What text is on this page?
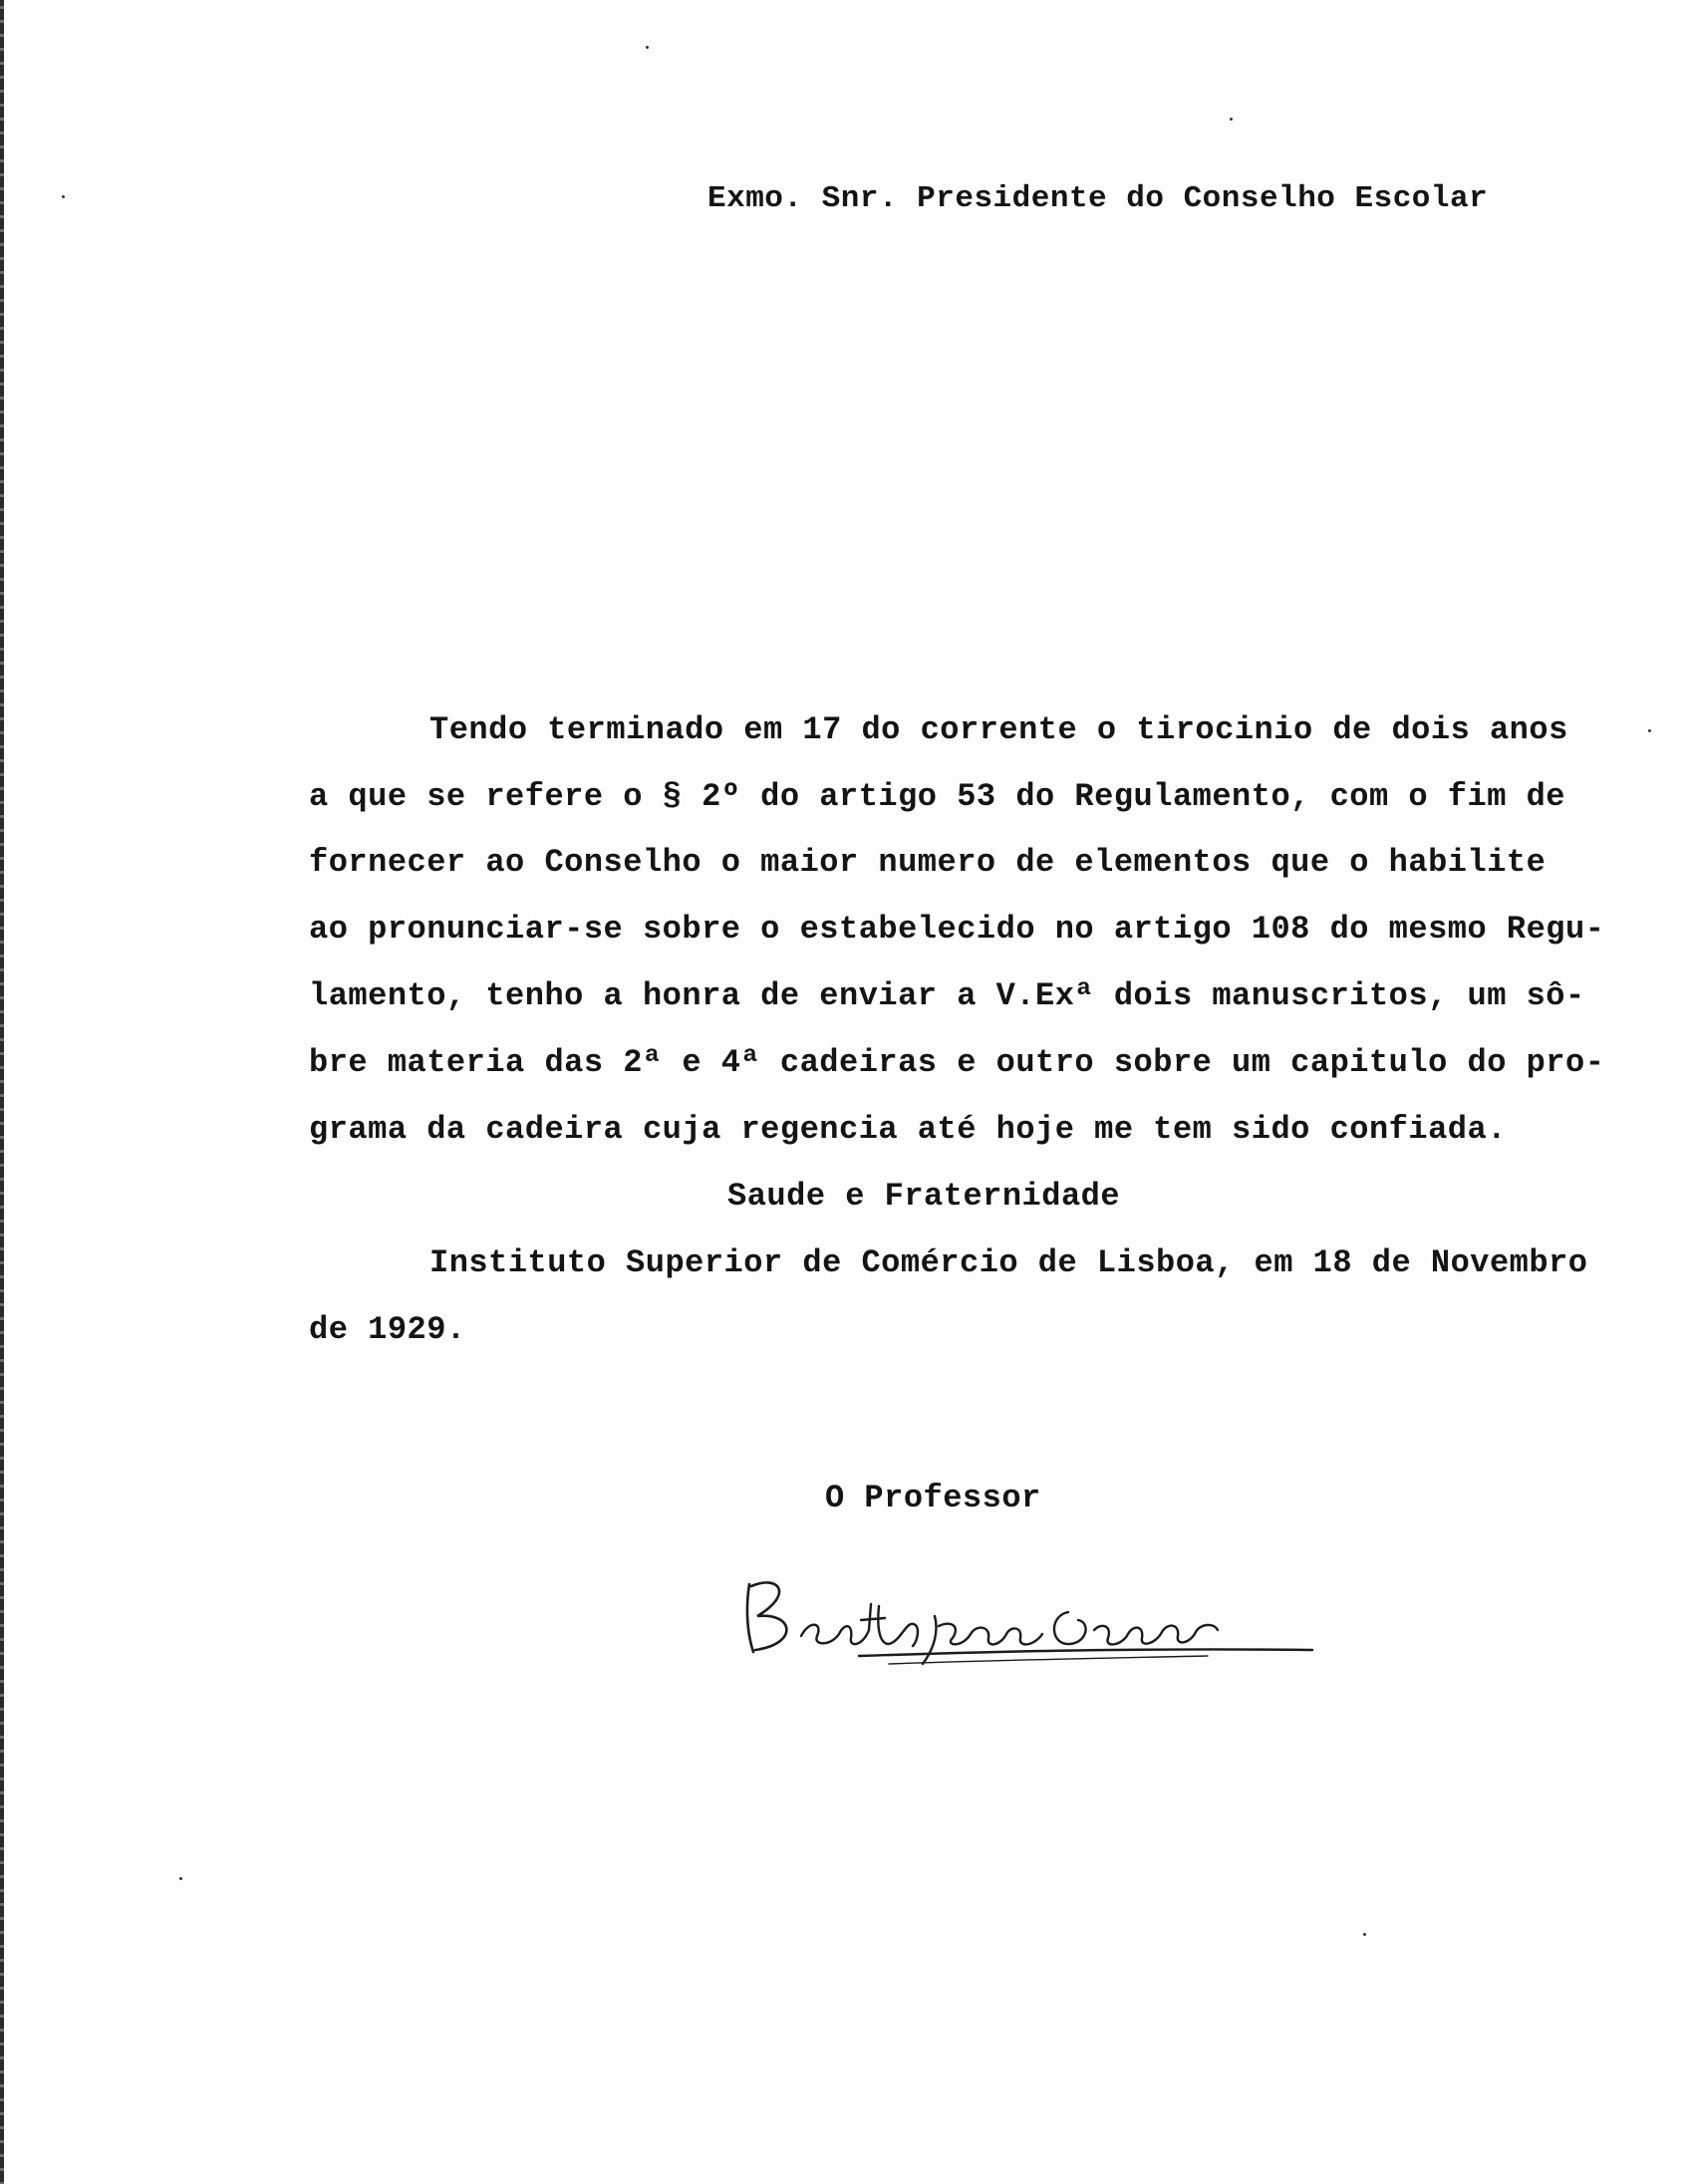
Exmo. Snr. Presidente do Conselho Escolar
Tendo terminado em 17 do corrente o tirocinio de dois anos
a que se refere o § 2º do artigo 53 do Regulamento, com o fim de
fornecer ao Conselho o maior numero de elementos que o habilite
ao pronunciar-se sobre o estabelecido no artigo 108 do mesmo Regu-
lamento, tenho a honra de enviar a V.Exª dois manuscritos, um sô-
bre materia das 2ª e 4ª cadeiras e outro sobre um capitulo do pro-
grama da cadeira cuja regencia até hoje me tem sido confiada.
Saude e Fraternidade
Instituto Superior de Comércio de Lisboa, em 18 de Novembro
de 1929.
O Professor
